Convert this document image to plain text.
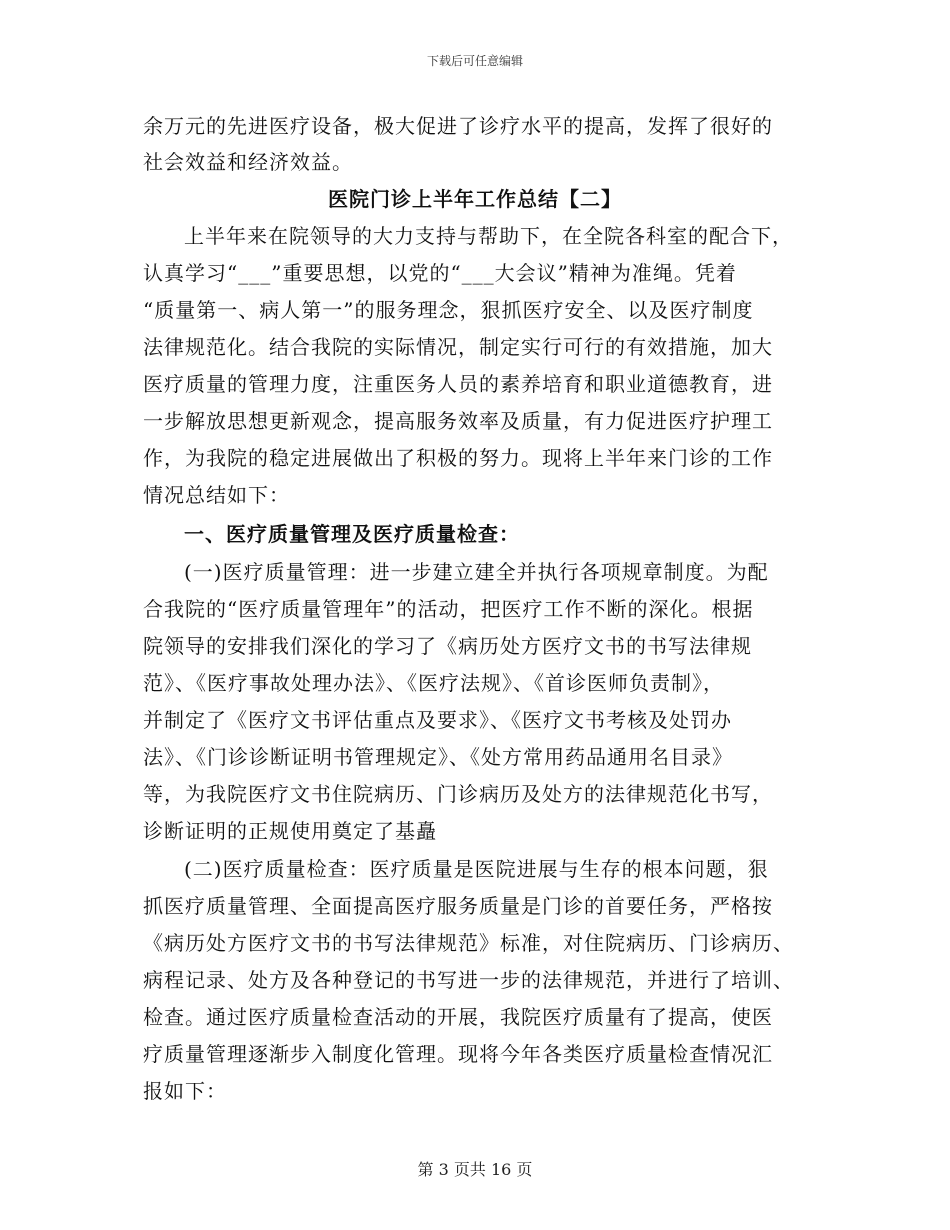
下载后可任意编辑
余万元的先进医疗设备，极大促进了诊疗水平的提高，发挥了很好的
社会效益和经济效益。
医院门诊上半年工作总结【二】
上半年来在院领导的大力支持与帮助下，在全院各科室的配合下，
认真学习“___”重要思想，以党的“___大会议”精神为准绳。凭着
“质量第一、病人第一”的服务理念，狠抓医疗安全、以及医疗制度
法律规范化。结合我院的实际情况，制定实行可行的有效措施，加大
医疗质量的管理力度，注重医务人员的素养培育和职业道德教育，进
一步解放思想更新观念，提高服务效率及质量，有力促进医疗护理工
作，为我院的稳定进展做出了积极的努力。现将上半年来门诊的工作
情况总结如下：
一、医疗质量管理及医疗质量检查：
(一)医疗质量管理：进一步建立建全并执行各项规章制度。为配
合我院的“医疗质量管理年”的活动，把医疗工作不断的深化。根据
院领导的安排我们深化的学习了《病历处方医疗文书的书写法律规
范》、《医疗事故处理办法》、《医疗法规》、《首诊医师负责制》，
并制定了《医疗文书评估重点及要求》、《医疗文书考核及处罚办
法》、《门诊诊断证明书管理规定》、《处方常用药品通用名目录》
等，为我院医疗文书住院病历、门诊病历及处方的法律规范化书写，
诊断证明的正规使用奠定了基矗
(二)医疗质量检查：医疗质量是医院进展与生存的根本问题，狠
抓医疗质量管理、全面提高医疗服务质量是门诊的首要任务，严格按
《病历处方医疗文书的书写法律规范》标准，对住院病历、门诊病历、
病程记录、处方及各种登记的书写进一步的法律规范，并进行了培训、
检查。通过医疗质量检查活动的开展，我院医疗质量有了提高，使医
疗质量管理逐渐步入制度化管理。现将今年各类医疗质量检查情况汇
报如下：
第 3 页共 16 页
